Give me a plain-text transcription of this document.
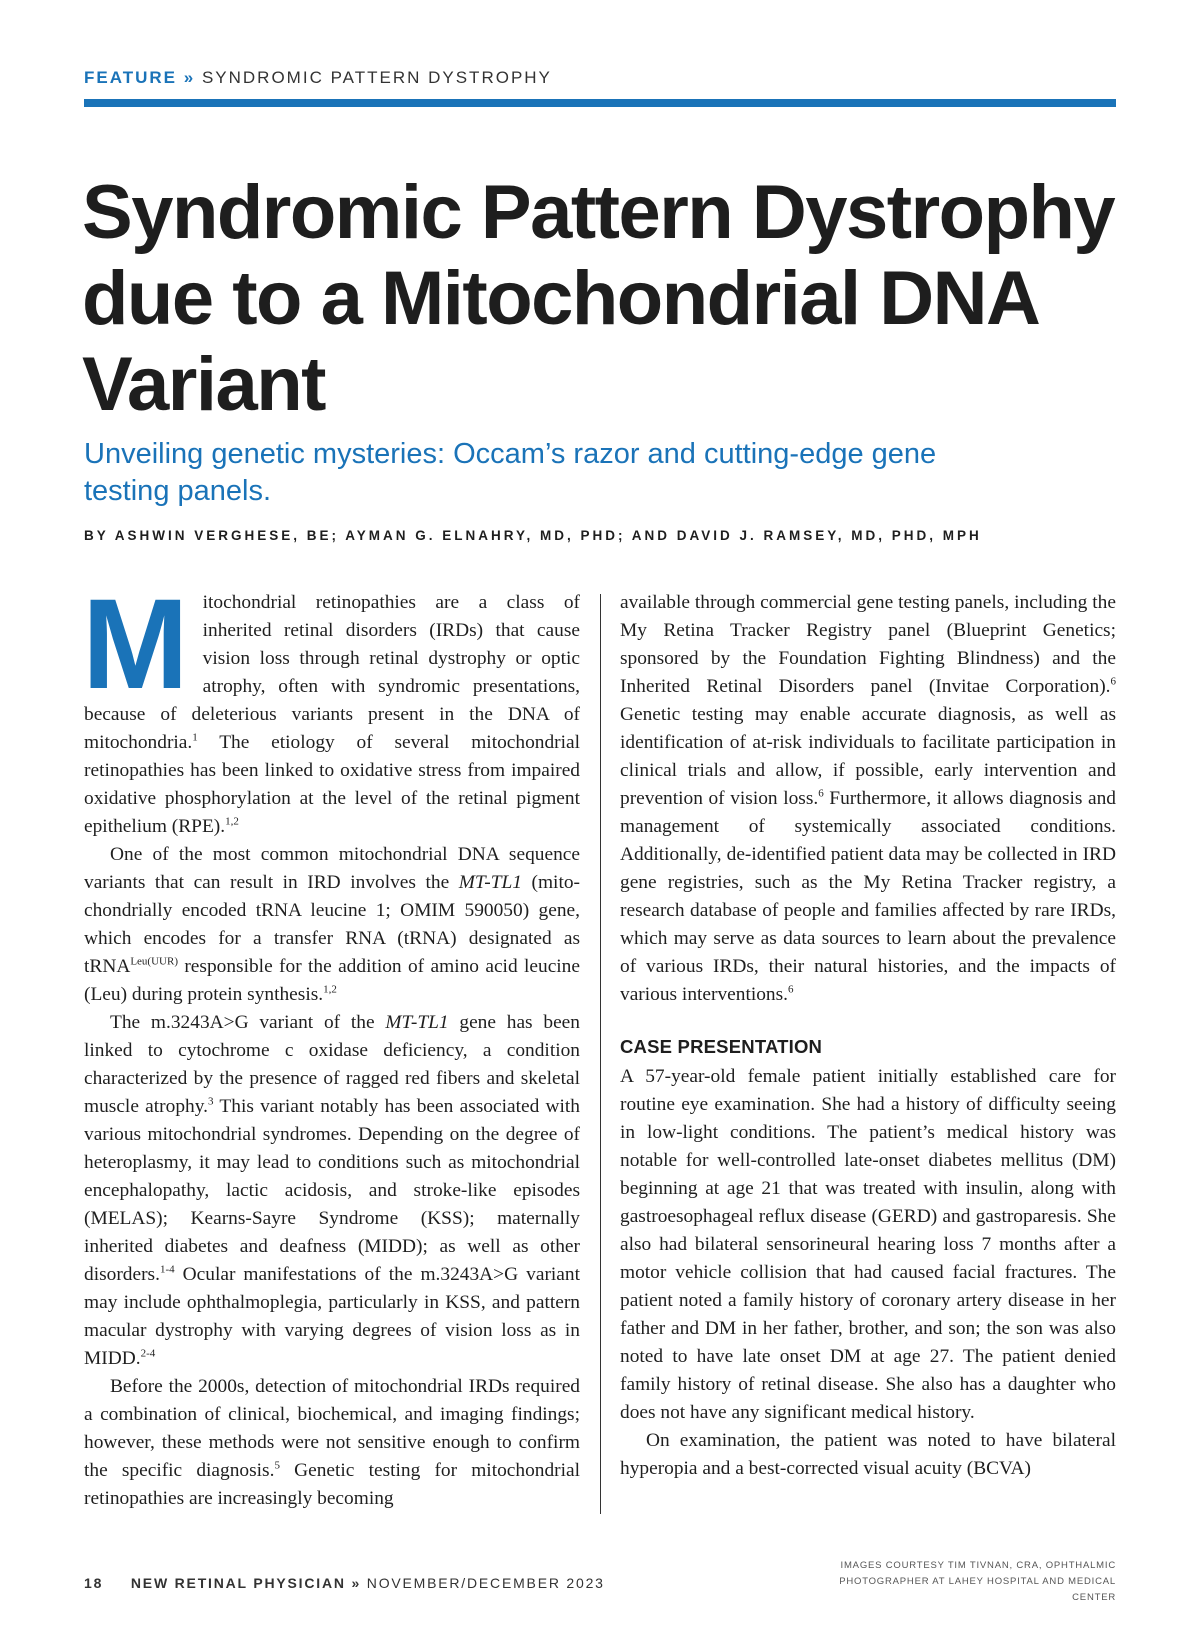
FEATURE » SYNDROMIC PATTERN DYSTROPHY
Syndromic Pattern Dystrophy due to a Mitochondrial DNA Variant
Unveiling genetic mysteries: Occam’s razor and cutting-edge gene testing panels.
BY ASHWIN VERGHESE, BE; AYMAN G. ELNAHRY, MD, PHD; AND DAVID J. RAMSEY, MD, PHD, MPH

Mitochondrial retinopathies are a class of inherited retinal disorders (IRDs) that cause vision loss through retinal dystrophy or optic atrophy, often with syndromic presentations, because of deleterious variants present in the DNA of mitochondria.$^1$ The etiology of several mitochondrial retinopathies has been linked to oxidative stress from impaired oxidative phosphorylation at the level of the retinal pigment epithelium (RPE).$^{1,2}$

One of the most common mitochondrial DNA sequence variants that can result in IRD involves the MT-TL1 (mitochondrially encoded tRNA leucine 1; OMIM 590050) gene, which encodes for a transfer RNA (tRNA) designated as tRNA$^{Leu(UUR)}$ responsible for the addition of amino acid leucine (Leu) during protein synthesis.$^{1,2}$

The m.3243A>G variant of the MT-TL1 gene has been linked to cytochrome c oxidase deficiency, a condition characterized by the presence of ragged red fibers and skeletal muscle atrophy.$^3$ This variant notably has been associated with various mitochondrial syndromes. Depending on the degree of heteroplasmy, it may lead to conditions such as mitochondrial encephalopathy, lactic acidosis, and stroke-like episodes (MELAS); Kearns-Sayre Syndrome (KSS); maternally inherited diabetes and deafness (MIDD); as well as other disorders.$^{1-4}$ Ocular manifestations of the m.3243A>G variant may include ophthalmoplegia, particularly in KSS, and pattern macular dystrophy with varying degrees of vision loss as in MIDD.$^{2-4}$

Before the 2000s, detection of mitochondrial IRDs required a combination of clinical, biochemical, and imaging findings; however, these methods were not sensitive enough to confirm the specific diagnosis.$^5$ Genetic testing for mitochondrial retinopathies are increasingly becoming

available through commercial gene testing panels, including the My Retina Tracker Registry panel (Blueprint Genetics; sponsored by the Foundation Fighting Blindness) and the Inherited Retinal Disorders panel (Invitae Corporation).$^6$ Genetic testing may enable accurate diagnosis, as well as identification of at-risk individuals to facilitate participation in clinical trials and allow, if possible, early intervention and prevention of vision loss.$^6$ Furthermore, it allows diagnosis and management of systemically associated conditions. Additionally, de-identified patient data may be collected in IRD gene registries, such as the My Retina Tracker registry, a research database of people and families affected by rare IRDs, which may serve as data sources to learn about the prevalence of various IRDs, their natural histories, and the impacts of various interventions.$^6$

CASE PRESENTATION

A 57-year-old female patient initially established care for routine eye examination. She had a history of difficulty seeing in low-light conditions. The patient’s medical history was notable for well-controlled late-onset diabetes mellitus (DM) beginning at age 21 that was treated with insulin, along with gastroesophageal reflux disease (GERD) and gastroparesis. She also had bilateral sensorineural hearing loss 7 months after a motor vehicle collision that had caused facial fractures. The patient noted a family history of coronary artery disease in her father and DM in her father, brother, and son; the son was also noted to have late onset DM at age 27. The patient denied family history of retinal disease. She also has a daughter who does not have any significant medical history.

On examination, the patient was noted to have bilateral hyperopia and a best-corrected visual acuity (BCVA)

18 NEW RETINAL PHYSICIAN » NOVEMBER/DECEMBER 2023
IMAGES COURTESY TIM TIVNAN, CRA, OPHTHALMIC
PHOTOGRAPHER AT LAHEY HOSPITAL AND MEDICAL CENTER
